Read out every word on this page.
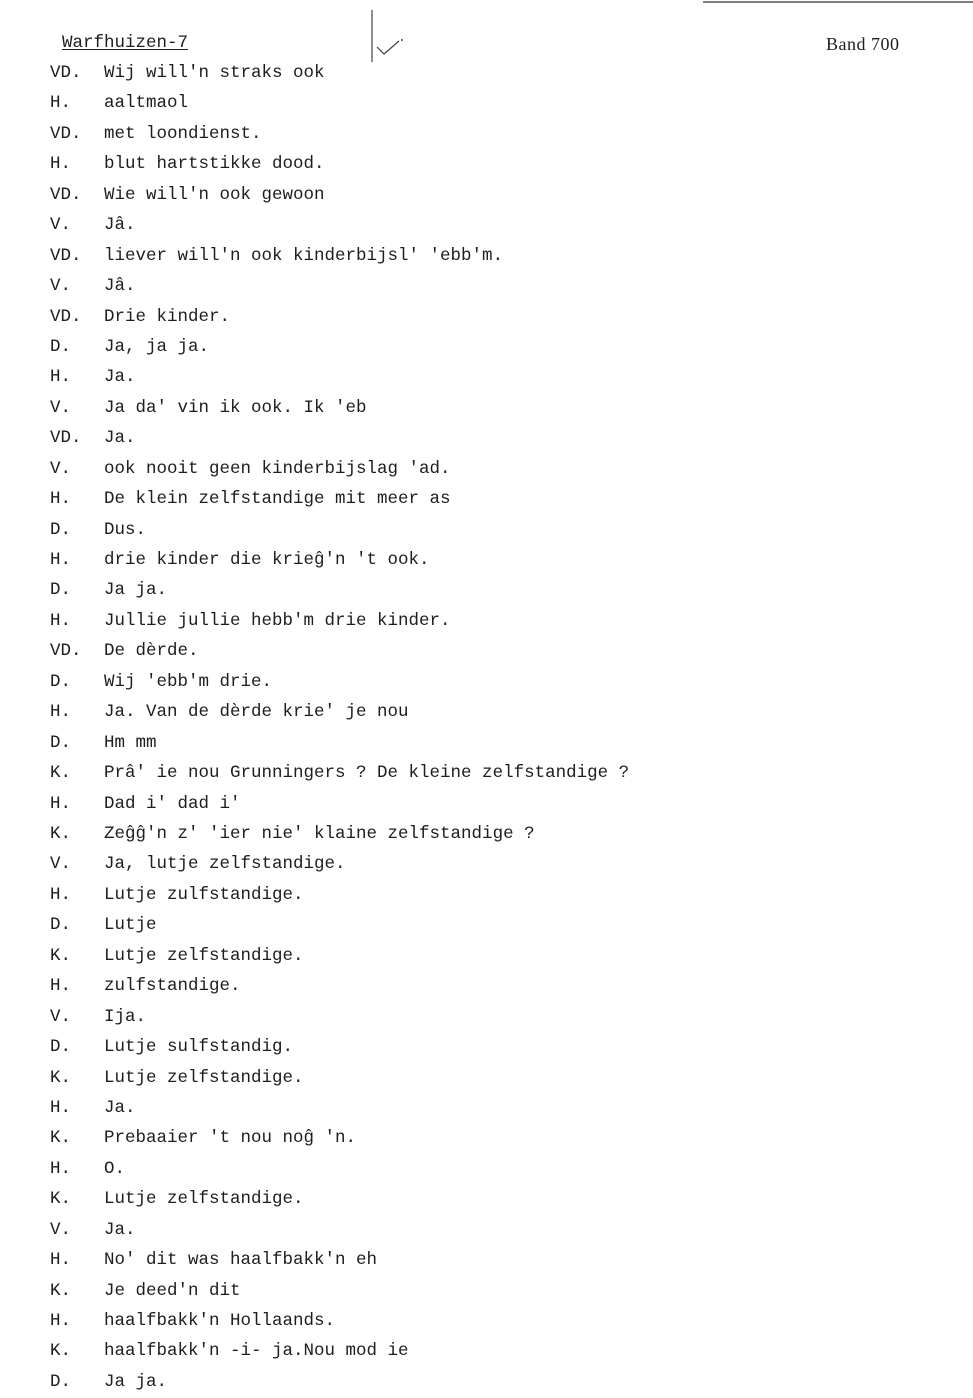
Warfhuizen-7	Band 700
VD. Wij will'n straks ook
H. aaltmaol
VD. met loondienst.
H. blut hartstikke dood.
VD. Wie will'n ook gewoon
V. Jâ.
VD. liever will'n ook kinderbijsl' 'ebb'm.
V. Jâ.
VD. Drie kinder.
D. Ja, ja ja.
H. Ja.
V. Ja da' vin ik ook. Ik 'eb
VD. Ja.
V. ook nooit geen kinderbijslag 'ad.
H. De klein zelfstandige mit meer as
D. Dus.
H. drie kinder die krieĝ'n 't ook.
D. Ja ja.
H. Jullie jullie hebb'm drie kinder.
VD. De dèrde.
D. Wij 'ebb'm drie.
H. Ja. Van de dèrde krie' je nou
D. Hm mm
K. Prâ' ie nou Grunningers ? De kleine zelfstandige ?
H. Dad i' dad i'
K. Zeĝĝ'n z' 'ier nie' klaine zelfstandige ?
V. Ja, lutje zelfstandige.
H. Lutje zulfstandige.
D. Lutje
K. Lutje zelfstandige.
H. zulfstandige.
V. Ija.
D. Lutje sulfstandig.
K. Lutje zelfstandige.
H. Ja.
K. Prebaaier 't nou noĝ 'n.
H. O.
K. Lutje zelfstandige.
V. Ja.
H. No' dit was haalfbakk'n eh
K. Je deed'n dit
H. haalfbakk'n Hollaands.
K. haalfbakk'n -i- ja.Nou mod ie
D. Ja ja.
